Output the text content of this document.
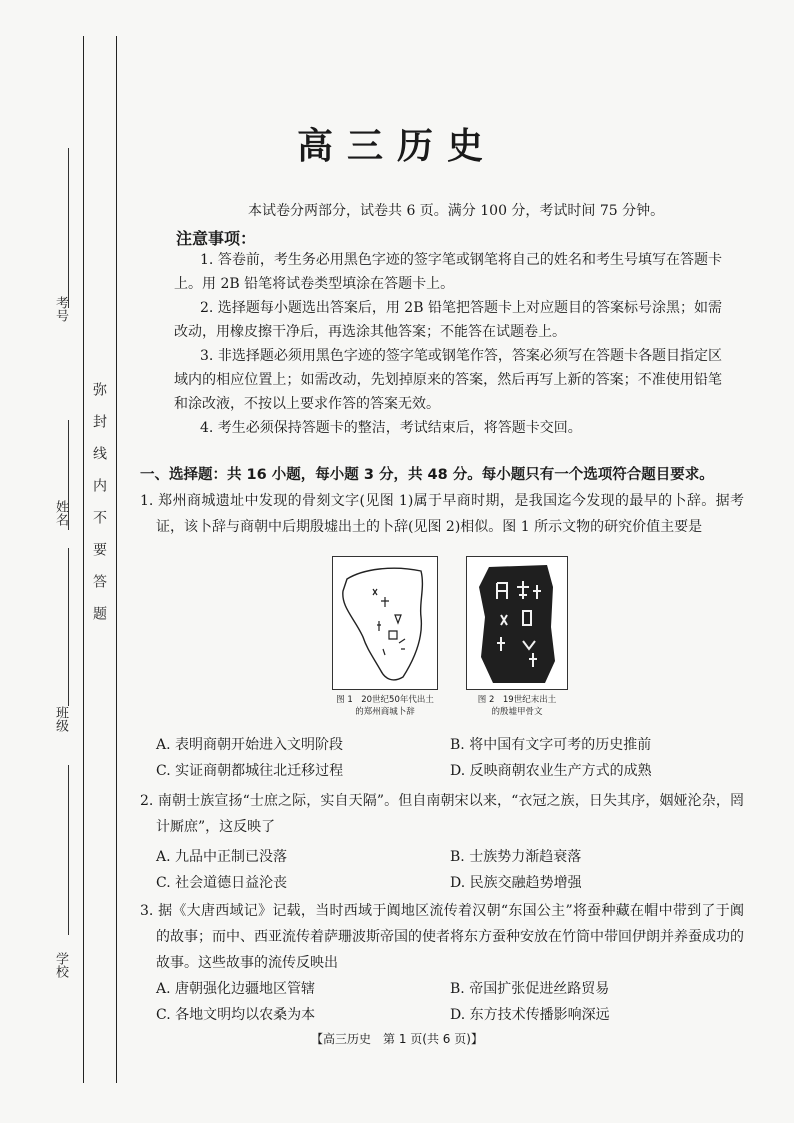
考号
姓名
班级
学校
弥封线内不要答题
高三历史

本试卷分两部分，试卷共 6 页。满分 100 分，考试时间 75 分钟。

注意事项：

1. 答卷前，考生务必用黑色字迹的签字笔或钢笔将自己的姓名和考生号填写在答题卡上。用 2B 铅笔将试卷类型填涂在答题卡上。

2. 选择题每小题选出答案后，用 2B 铅笔把答题卡上对应题目的答案标号涂黑；如需改动，用橡皮擦干净后，再选涂其他答案；不能答在试题卷上。

3. 非选择题必须用黑色字迹的签字笔或钢笔作答，答案必须写在答题卡各题目指定区域内的相应位置上；如需改动，先划掉原来的答案，然后再写上新的答案；不准使用铅笔和涂改液，不按以上要求作答的答案无效。

4. 考生必须保持答题卡的整洁，考试结束后，将答题卡交回。

一、选择题：共 16 小题，每小题 3 分，共 48 分。每小题只有一个选项符合题目要求。

1. 郑州商城遗址中发现的骨刻文字(见图 1)属于早商时期，是我国迄今发现的最早的卜辞。据考证，该卜辞与商朝中后期殷墟出土的卜辞(见图 2)相似。图 1 所示文物的研究价值主要是

图 1　20世纪50年代出土
的郑州商城卜辞
图 2　19世纪末出土
的殷墟甲骨文
A. 表明商朝开始进入文明阶段	B. 将中国有文字可考的历史推前
C. 实证商朝都城往北迁移过程	D. 反映商朝农业生产方式的成熟

2. 南朝士族宣扬“士庶之际，实自天隔”。但自南朝宋以来，“衣冠之族，日失其序，姻娅沦杂，罔计厮庶”，这反映了

A. 九品中正制已没落	B. 士族势力渐趋衰落
C. 社会道德日益沦丧	D. 民族交融趋势增强

3. 据《大唐西域记》记载，当时西域于阗地区流传着汉朝“东国公主”将蚕种藏在帽中带到了于阗的故事；而中、西亚流传着萨珊波斯帝国的使者将东方蚕种安放在竹筒中带回伊朗并养蚕成功的故事。这些故事的流传反映出

A. 唐朝强化边疆地区管辖	B. 帝国扩张促进丝路贸易
C. 各地文明均以农桑为本	D. 东方技术传播影响深远

【高三历史　第 1 页(共 6 页)】
